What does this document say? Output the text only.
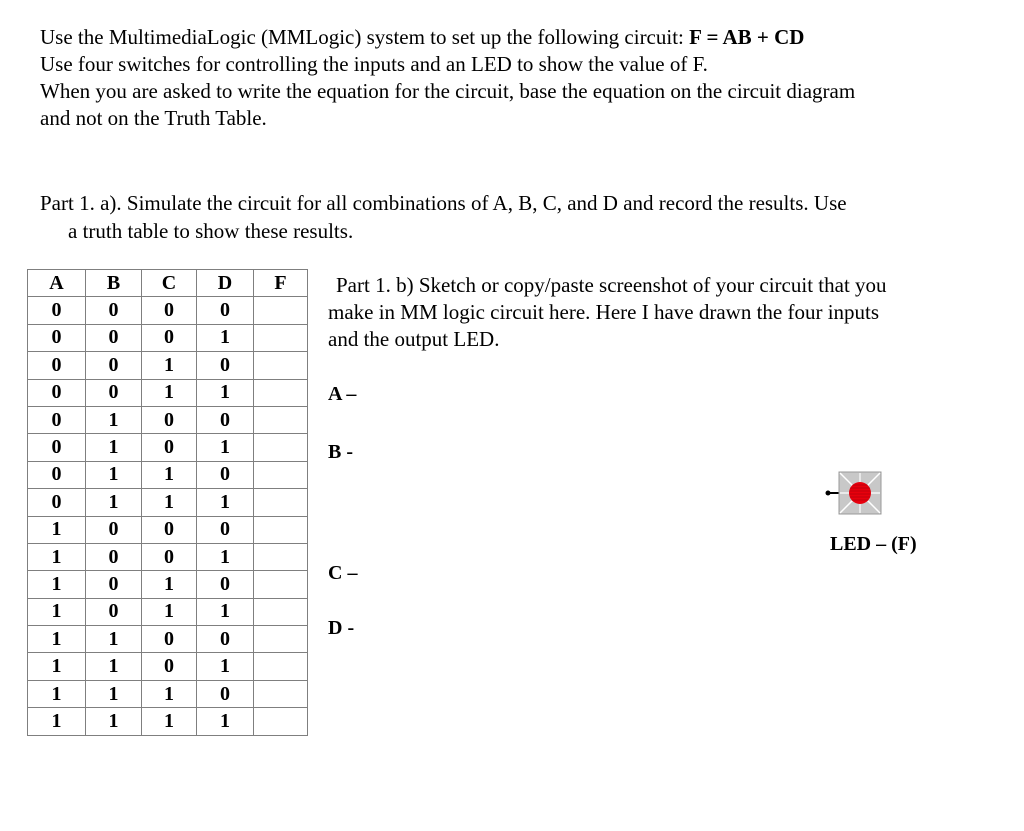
Use the MultimediaLogic (MMLogic) system to set up the following circuit: F = AB + CD
Use four switches for controlling the inputs and an LED to show the value of F.
When you are asked to write the equation for the circuit, base the equation on the circuit diagram
and not on the Truth Table.
Part 1. a). Simulate the circuit for all combinations of A, B, C, and D and record the results. Use
a truth table to show these results.
A	B	C	D	F
0	0	0	0	
0	0	0	1	
0	0	1	0	
0	0	1	1	
0	1	0	0	
0	1	0	1	
0	1	1	0	
0	1	1	1	
1	0	0	0	
1	0	0	1	
1	0	1	0	
1	0	1	1	
1	1	0	0	
1	1	0	1	
1	1	1	0	
1	1	1	1	
Part 1. b) Sketch or copy/paste screenshot of your circuit that you
make in MM logic circuit here. Here I have drawn the four inputs
and the output LED.
A –
B -
C –
D -
LED – (F)
